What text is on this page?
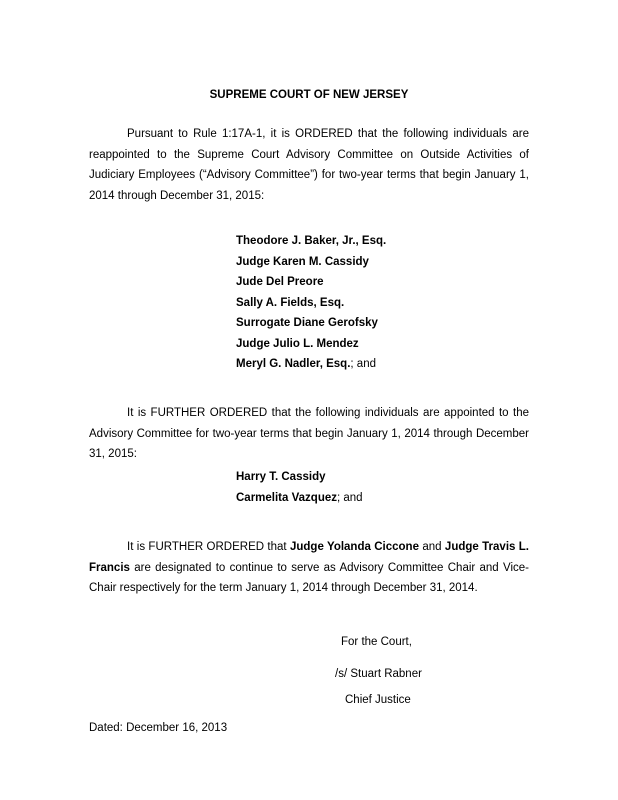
SUPREME COURT OF NEW JERSEY

Pursuant to Rule 1:17A-1, it is ORDERED that the following individuals are reappointed to the Supreme Court Advisory Committee on Outside Activities of Judiciary Employees (“Advisory Committee”) for two-year terms that begin January 1, 2014 through December 31, 2015:

Theodore J. Baker, Jr., Esq.
Judge Karen M. Cassidy
Jude Del Preore
Sally A. Fields, Esq.
Surrogate Diane Gerofsky
Judge Julio L. Mendez
Meryl G. Nadler, Esq.; and

It is FURTHER ORDERED that the following individuals are appointed to the Advisory Committee for two-year terms that begin January 1, 2014 through December 31, 2015:

Harry T. Cassidy
Carmelita Vazquez; and

It is FURTHER ORDERED that Judge Yolanda Ciccone and Judge Travis L. Francis are designated to continue to serve as Advisory Committee Chair and Vice-Chair respectively for the term January 1, 2014 through December 31, 2014.

For the Court,
/s/ Stuart Rabner
Chief Justice
Dated: December 16, 2013
